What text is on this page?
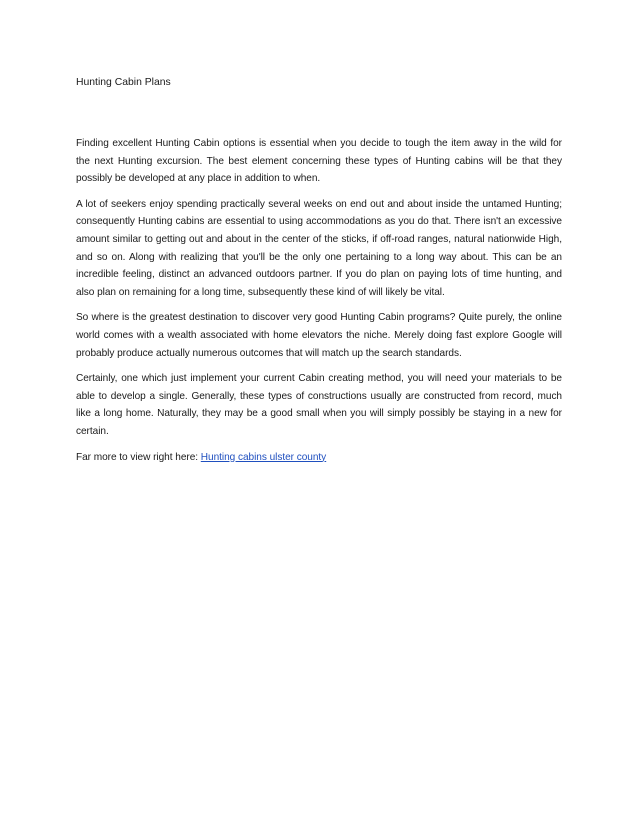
Hunting Cabin Plans

Finding excellent Hunting Cabin options is essential when you decide to tough the item away in the wild for the next Hunting excursion. The best element concerning these types of Hunting cabins will be that they possibly be developed at any place in addition to when.

A lot of seekers enjoy spending practically several weeks on end out and about inside the untamed Hunting; consequently Hunting cabins are essential to using accommodations as you do that. There isn't an excessive amount similar to getting out and about in the center of the sticks, if off-road ranges, natural nationwide High, and so on. Along with realizing that you'll be the only one pertaining to a long way about. This can be an incredible feeling, distinct an advanced outdoors partner. If you do plan on paying lots of time hunting, and also plan on remaining for a long time, subsequently these kind of will likely be vital.

So where is the greatest destination to discover very good Hunting Cabin programs? Quite purely, the online world comes with a wealth associated with home elevators the niche. Merely doing fast explore Google will probably produce actually numerous outcomes that will match up the search standards.

Certainly, one which just implement your current Cabin creating method, you will need your materials to be able to develop a single. Generally, these types of constructions usually are constructed from record, much like a long home. Naturally, they may be a good small when you will simply possibly be staying in a new for certain.

Far more to view right here: Hunting cabins ulster county
